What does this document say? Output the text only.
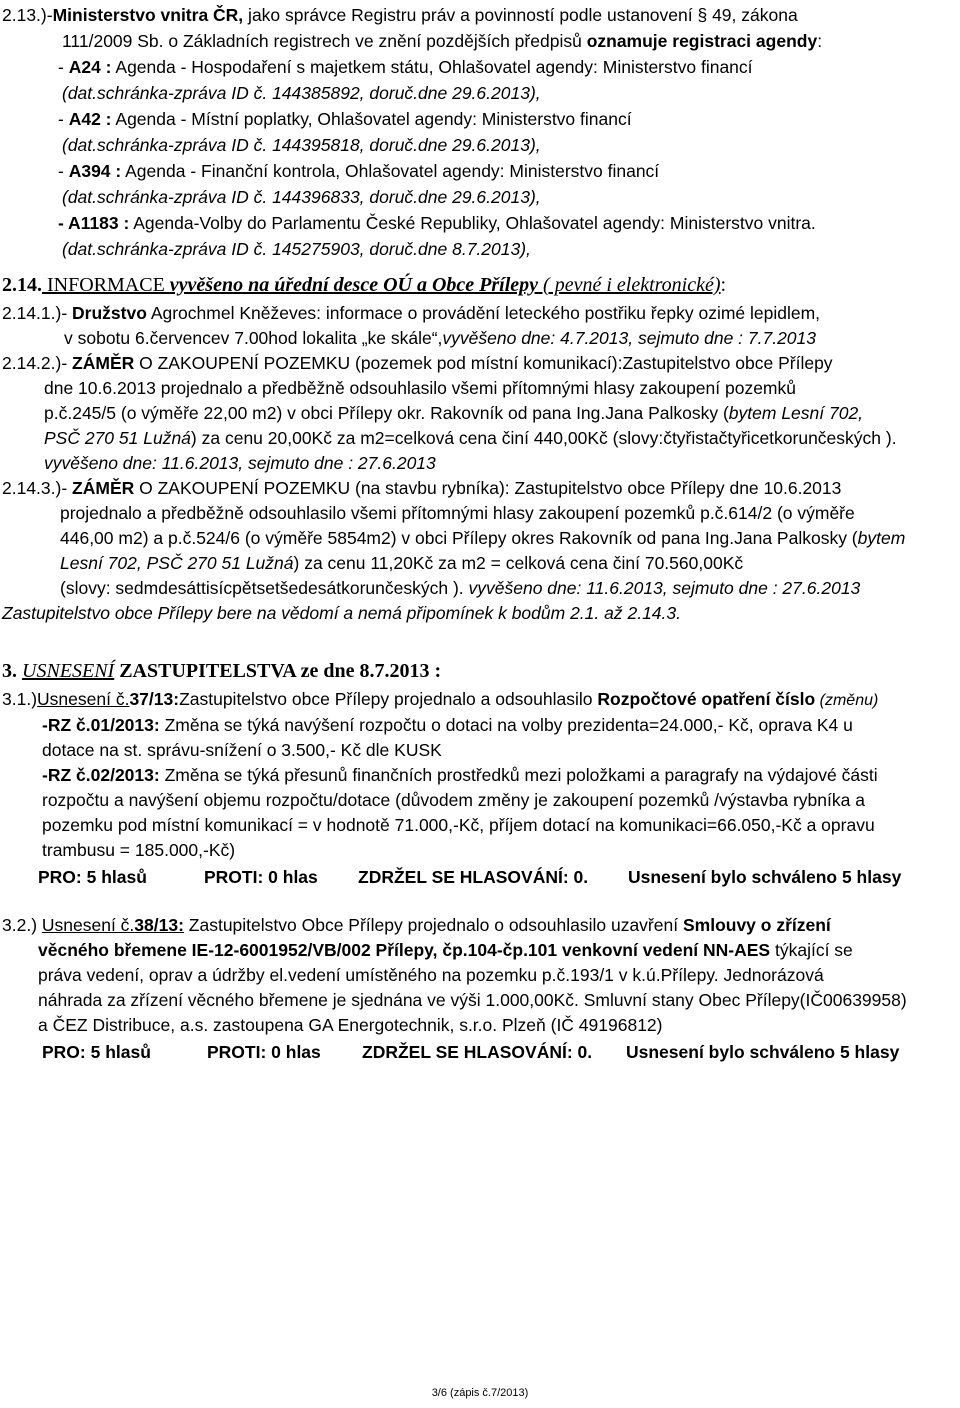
2.13.)-Ministerstvo vnitra ČR, jako správce Registru práv a povinností podle ustanovení § 49, zákona
111/2009 Sb. o Základních registrech ve znění pozdějších předpisů oznamuje registraci agendy:
- A24 : Agenda - Hospodaření s majetkem státu, Ohlašovatel agendy: Ministerstvo financí
(dat.schránka-zpráva ID č. 144385892, doruč.dne 29.6.2013),
- A42 : Agenda - Místní poplatky, Ohlašovatel agendy: Ministerstvo financí
(dat.schránka-zpráva ID č. 144395818, doruč.dne 29.6.2013),
- A394 : Agenda - Finanční kontrola, Ohlašovatel agendy: Ministerstvo financí
(dat.schránka-zpráva ID č. 144396833, doruč.dne 29.6.2013),
- A1183 : Agenda-Volby do Parlamentu České Republiky, Ohlašovatel agendy: Ministerstvo vnitra.
(dat.schránka-zpráva ID č. 145275903, doruč.dne 8.7.2013),
2.14. INFORMACE vyvěšeno na úřední desce OÚ a Obce Přílepy ( pevné i elektronické):
2.14.1.)- Družstvo Agrochmel Kněževes: informace o provádění leteckého postřiku řepky ozimé lepidlem,
v sobotu 6.červencev 7.00hod lokalita „ke skále“,vyvěšeno dne: 4.7.2013, sejmuto dne : 7.7.2013
2.14.2.)- ZÁMĚR O ZAKOUPENÍ POZEMKU (pozemek pod místní komunikací):Zastupitelstvo obce Přílepy
dne 10.6.2013 projednalo a předběžně odsouhlasilo všemi přítomnými hlasy zakoupení pozemků
p.č.245/5 (o výměře 22,00 m2) v obci Přílepy okr. Rakovník od pana Ing.Jana Palkosky (bytem Lesní 702,
PSČ 270 51 Lužná) za cenu 20,00Kč za m2=celková cena činí 440,00Kč (slovy:čtyřistačtyřicetkorunčeských ).
vyvěšeno dne: 11.6.2013, sejmuto dne : 27.6.2013
2.14.3.)- ZÁMĚR O ZAKOUPENÍ POZEMKU (na stavbu rybníka): Zastupitelstvo obce Přílepy dne 10.6.2013
projednalo a předběžně odsouhlasilo všemi přítomnými hlasy zakoupení pozemků p.č.614/2 (o výměře
446,00 m2) a p.č.524/6 (o výměře 5854m2) v obci Přílepy okres Rakovník od pana Ing.Jana Palkosky (bytem
Lesní 702, PSČ 270 51 Lužná) za cenu 11,20Kč za m2 = celková cena činí 70.560,00Kč
(slovy: sedmdesáttisícpětsetšedesátkorunčeských ). vyvěšeno dne: 11.6.2013, sejmuto dne : 27.6.2013
Zastupitelstvo obce Přílepy bere na vědomí a nemá připomínek k bodům 2.1. až 2.14.3.
3. USNESENÍ ZASTUPITELSTVA ze dne 8.7.2013 :
3.1.)Usnesení č.37/13:Zastupitelstvo obce Přílepy projednalo a odsouhlasilo Rozpočtové opatření číslo (změnu)
-RZ č.01/2013: Změna se týká navýšení rozpočtu o dotaci na volby prezidenta=24.000,- Kč, oprava K4 u
dotace na st. správu-snížení o 3.500,- Kč dle KUSK
-RZ č.02/2013: Změna se týká přesunů finančních prostředků mezi položkami a paragrafy na výdajové části
rozpočtu a navýšení objemu rozpočtu/dotace (důvodem změny je zakoupení pozemků /výstavba rybníka a
pozemku pod místní komunikací = v hodnotě 71.000,-Kč, příjem dotací na komunikaci=66.050,-Kč a opravu
trambusu = 185.000,-Kč)
PRO: 5 hlasů	PROTI: 0 hlas ZDRŽEL SE HLASOVÁNÍ: 0. Usnesení bylo schváleno 5 hlasy
3.2.) Usnesení č.38/13: Zastupitelstvo Obce Přílepy projednalo o odsouhlasilo uzavření Smlouvy o zřízení
věcného břemene IE-12-6001952/VB/002 Přílepy, čp.104-čp.101 venkovní vedení NN-AES týkající se
práva vedení, oprav a údržby el.vedení umístěného na pozemku p.č.193/1 v k.ú.Přílepy. Jednorázová
náhrada za zřízení věcného břemene je sjednána ve výši 1.000,00Kč. Smluvní stany Obec Přílepy(IČ00639958)
a ČEZ Distribuce, a.s. zastoupena GA Energotechnik, s.r.o. Plzeň (IČ 49196812)
PRO: 5 hlasů	PROTI: 0 hlas ZDRŽEL SE HLASOVÁNÍ: 0. Usnesení bylo schváleno 5 hlasy
3/6 (zápis č.7/2013)
